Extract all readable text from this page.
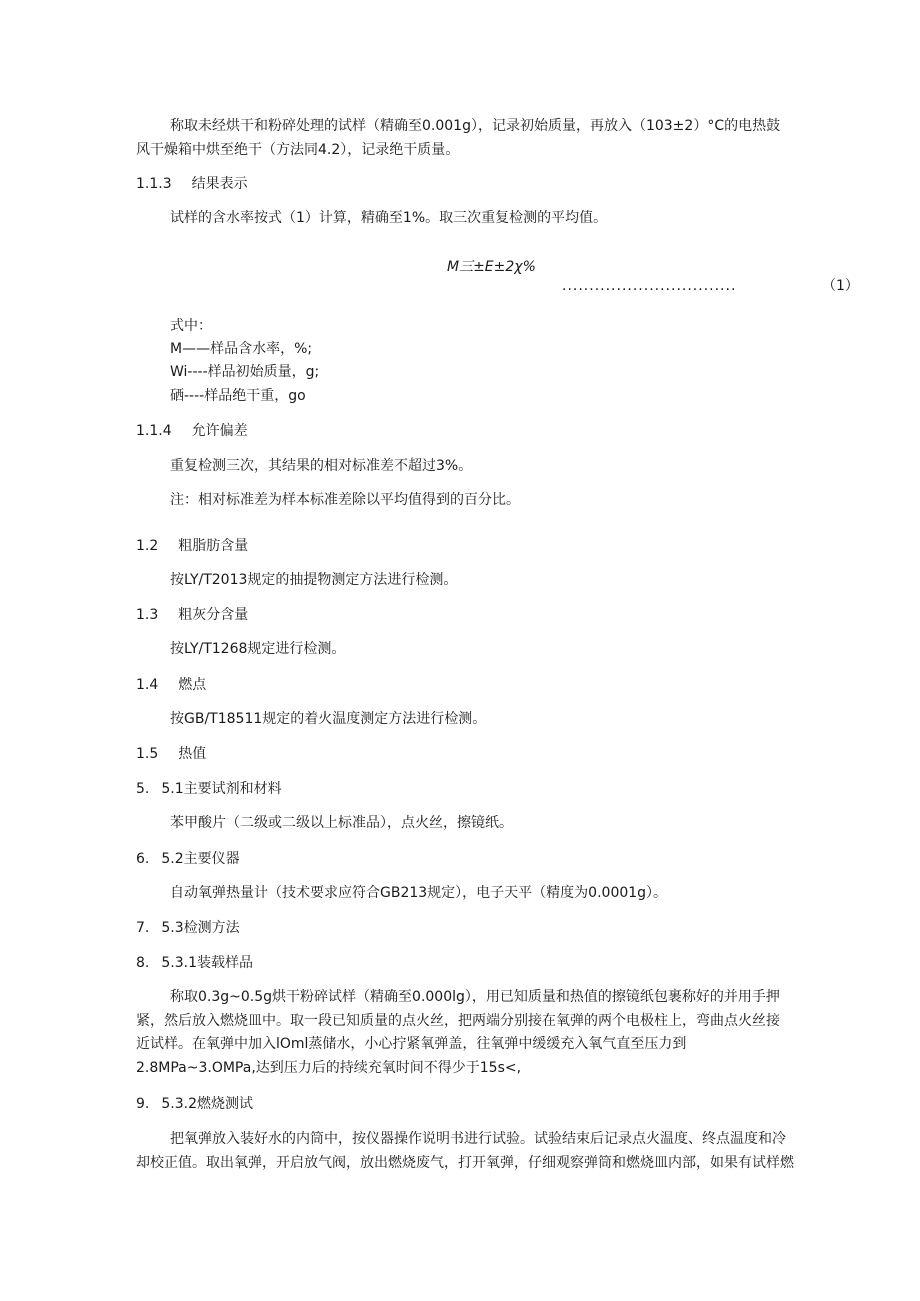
称取未经烘干和粉碎处理的试样（精确至0.001g），记录初始质量，再放入（103±2）°C的电热鼓
风干燥箱中烘至绝干（方法同4.2），记录绝干质量。
1.1.3 结果表示
试样的含水率按式（1）计算，精确至1%。取三次重复检测的平均值。
M三±E±2χ%
................................	（1）
式中：
M——样品含水率，%;
Wi----样品初始质量，g;
硒----样品绝干重，go
1.1.4 允许偏差
重复检测三次，其结果的相对标准差不超过3%。
注：相对标准差为样本标准差除以平均值得到的百分比。
1.2 粗脂肪含量
按LY/T2013规定的抽提物测定方法进行检测。
1.3 粗灰分含量
按LY/T1268规定进行检测。
1.4 燃点
按GB/T18511规定的着火温度测定方法进行检测。
1.5 热值
5. 5.1主要试剂和材料
苯甲酸片（二级或二级以上标准品），点火丝，擦镜纸。
6. 5.2主要仪器
自动氧弹热量计（技术要求应符合GB213规定），电子天平（精度为0.0001g）。
7. 5.3检测方法
8. 5.3.1装载样品
称取0.3g~0.5g烘干粉碎试样（精确至0.000lg），用已知质量和热值的擦镜纸包裹称好的并用手押
紧，然后放入燃烧皿中。取一段已知质量的点火丝，把两端分别接在氧弹的两个电极柱上，弯曲点火丝接
近试样。在氧弹中加入lOml蒸储水，小心拧紧氧弹盖，往氧弹中缓缓充入氧气直至压力到
2.8MPa~3.OMPa,达到压力后的持续充氧时间不得少于15s<,
9. 5.3.2燃烧测试
把氧弹放入装好水的内筒中，按仪器操作说明书进行试验。试验结束后记录点火温度、终点温度和冷
却校正值。取出氧弹，开启放气阀，放出燃烧废气，打开氧弹，仔细观察弹筒和燃烧皿内部，如果有试样燃
